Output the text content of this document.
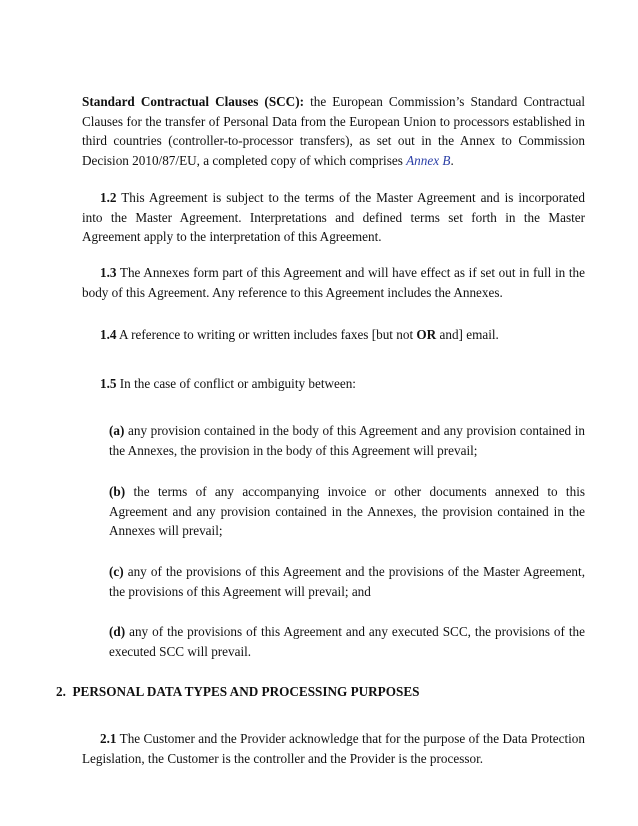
Standard Contractual Clauses (SCC): the European Commission’s Standard Contractual Clauses for the transfer of Personal Data from the European Union to processors established in third countries (controller-to-processor transfers), as set out in the Annex to Commission Decision 2010/87/EU, a completed copy of which comprises Annex B.

1.2 This Agreement is subject to the terms of the Master Agreement and is incorporated into the Master Agreement. Interpretations and defined terms set forth in the Master Agreement apply to the interpretation of this Agreement.

1.3 The Annexes form part of this Agreement and will have effect as if set out in full in the body of this Agreement. Any reference to this Agreement includes the Annexes.

1.4 A reference to writing or written includes faxes [but not OR and] email.

1.5 In the case of conflict or ambiguity between:

(a) any provision contained in the body of this Agreement and any provision contained in the Annexes, the provision in the body of this Agreement will prevail;

(b) the terms of any accompanying invoice or other documents annexed to this Agreement and any provision contained in the Annexes, the provision contained in the Annexes will prevail;

(c) any of the provisions of this Agreement and the provisions of the Master Agreement, the provisions of this Agreement will prevail; and

(d) any of the provisions of this Agreement and any executed SCC, the provisions of the executed SCC will prevail.

2.  PERSONAL DATA TYPES AND PROCESSING PURPOSES

2.1 The Customer and the Provider acknowledge that for the purpose of the Data Protection Legislation, the Customer is the controller and the Provider is the processor.
